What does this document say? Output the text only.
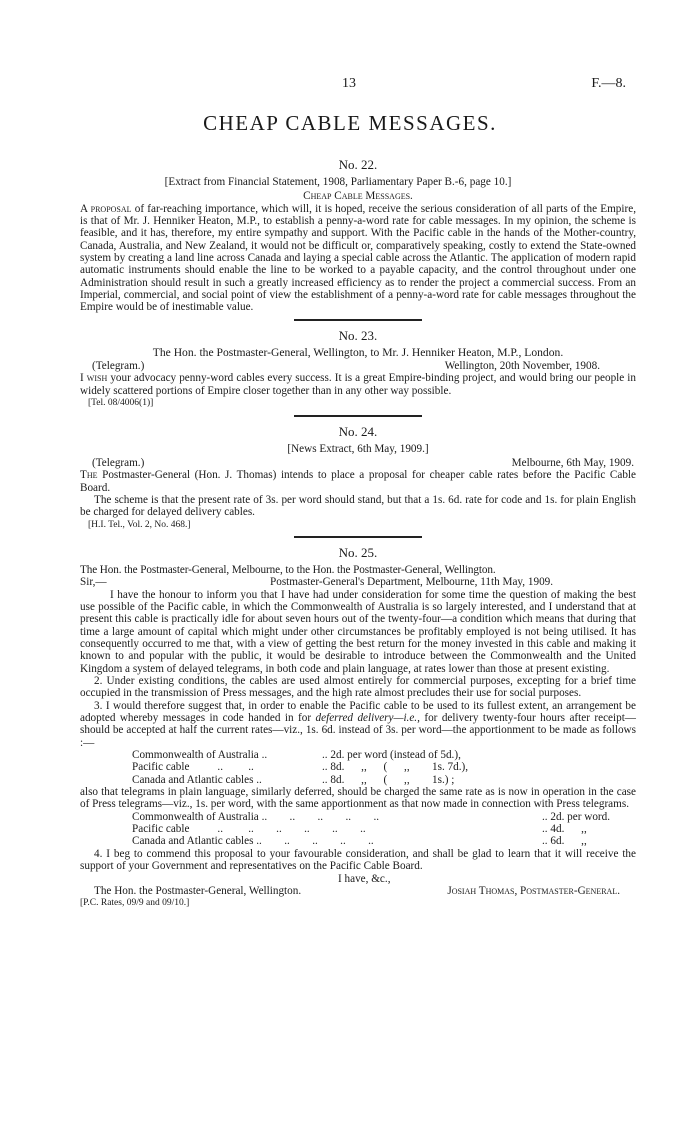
13	F.—8.
CHEAP CABLE MESSAGES.
No. 22.
[Extract from Financial Statement, 1908, Parliamentary Paper B.-6, page 10.]
Cheap Cable Messages.

A proposal of far-reaching importance, which will, it is hoped, receive the serious consideration of all parts of the Empire, is that of Mr. J. Henniker Heaton, M.P., to establish a penny-a-word rate for cable messages. In my opinion, the scheme is feasible, and it has, therefore, my entire sympathy and support. With the Pacific cable in the hands of the Mother-country, Canada, Australia, and New Zealand, it would not be difficult or, comparatively speaking, costly to extend the State-owned system by creating a land line across Canada and laying a special cable across the Atlantic. The application of modern rapid automatic instruments should enable the line to be worked to a payable capacity, and the control throughout under one Administration should result in such a greatly increased efficiency as to render the project a commercial success. From an Imperial, commercial, and social point of view the establishment of a penny-a-word rate for cable messages throughout the Empire would be of inestimable value.

No. 23.
The Hon. the Postmaster-General, Wellington, to Mr. J. Henniker Heaton, M.P., London.
(Telegram.)	Wellington, 20th November, 1908.

I wish your advocacy penny-word cables every success. It is a great Empire-binding project, and would bring our people in widely scattered portions of Empire closer together than in any other way possible.

[Tel. 08/4006(1)]
No. 24.
[News Extract, 6th May, 1909.]
(Telegram.)	Melbourne, 6th May, 1909.

The Postmaster-General (Hon. J. Thomas) intends to place a proposal for cheaper cable rates before the Pacific Cable Board.

The scheme is that the present rate of 3s. per word should stand, but that a 1s. 6d. rate for code and 1s. for plain English be charged for delayed delivery cables.

[H.I. Tel., Vol. 2, No. 468.]
No. 25.
The Hon. the Postmaster-General, Melbourne, to the Hon. the Postmaster-General, Wellington.
Sir,—	Postmaster-General's Department, Melbourne, 11th May, 1909.

I have the honour to inform you that I have had under consideration for some time the question of making the best use possible of the Pacific cable, in which the Commonwealth of Australia is so largely interested, and I understand that at present this cable is practically idle for about seven hours out of the twenty-four—a condition which means that during that time a large amount of capital which might under other circumstances be profitably employed is not being utilised. It has consequently occurred to me that, with a view of getting the best return for the money invested in this cable and making it known to and popular with the public, it would be desirable to introduce between the Commonwealth and the United Kingdom a system of delayed telegrams, in both code and plain language, at rates lower than those at present existing.

2. Under existing conditions, the cables are used almost entirely for commercial purposes, excepting for a brief time occupied in the transmission of Press messages, and the high rate almost precludes their use for social purposes.

3. I would therefore suggest that, in order to enable the Pacific cable to be used to its fullest extent, an arrangement be adopted whereby messages in code handed in for deferred delivery—i.e., for delivery twenty-four hours after receipt—should be accepted at half the current rates—viz., 1s. 6d. instead of 3s. per word—the apportionment to be made as follows :—

Commonwealth of Australia ..	.. 2d. per word (instead of 5d.),
Pacific cable          ..         ..	.. 8d.      ,,      (      ,,        1s. 7d.),
Canada and Atlantic cables ..	.. 8d.      ,,      (      ,,        1s.) ;

also that telegrams in plain language, similarly deferred, should be charged the same rate as is now in operation in the case of Press telegrams—viz., 1s. per word, with the same apportionment as that now made in connection with Press telegrams.

Commonwealth of Australia ..        ..        ..        ..        ..	.. 2d. per word.
Pacific cable          ..         ..        ..        ..        ..        ..	.. 4d.      ,,
Canada and Atlantic cables ..        ..        ..        ..        ..	.. 6d.      ,,

4. I beg to commend this proposal to your favourable consideration, and shall be glad to learn that it will receive the support of your Government and representatives on the Pacific Cable Board.

I have, &c.,
The Hon. the Postmaster-General, Wellington.	Josiah Thomas, Postmaster-General.
[P.C. Rates, 09/9 and 09/10.]
